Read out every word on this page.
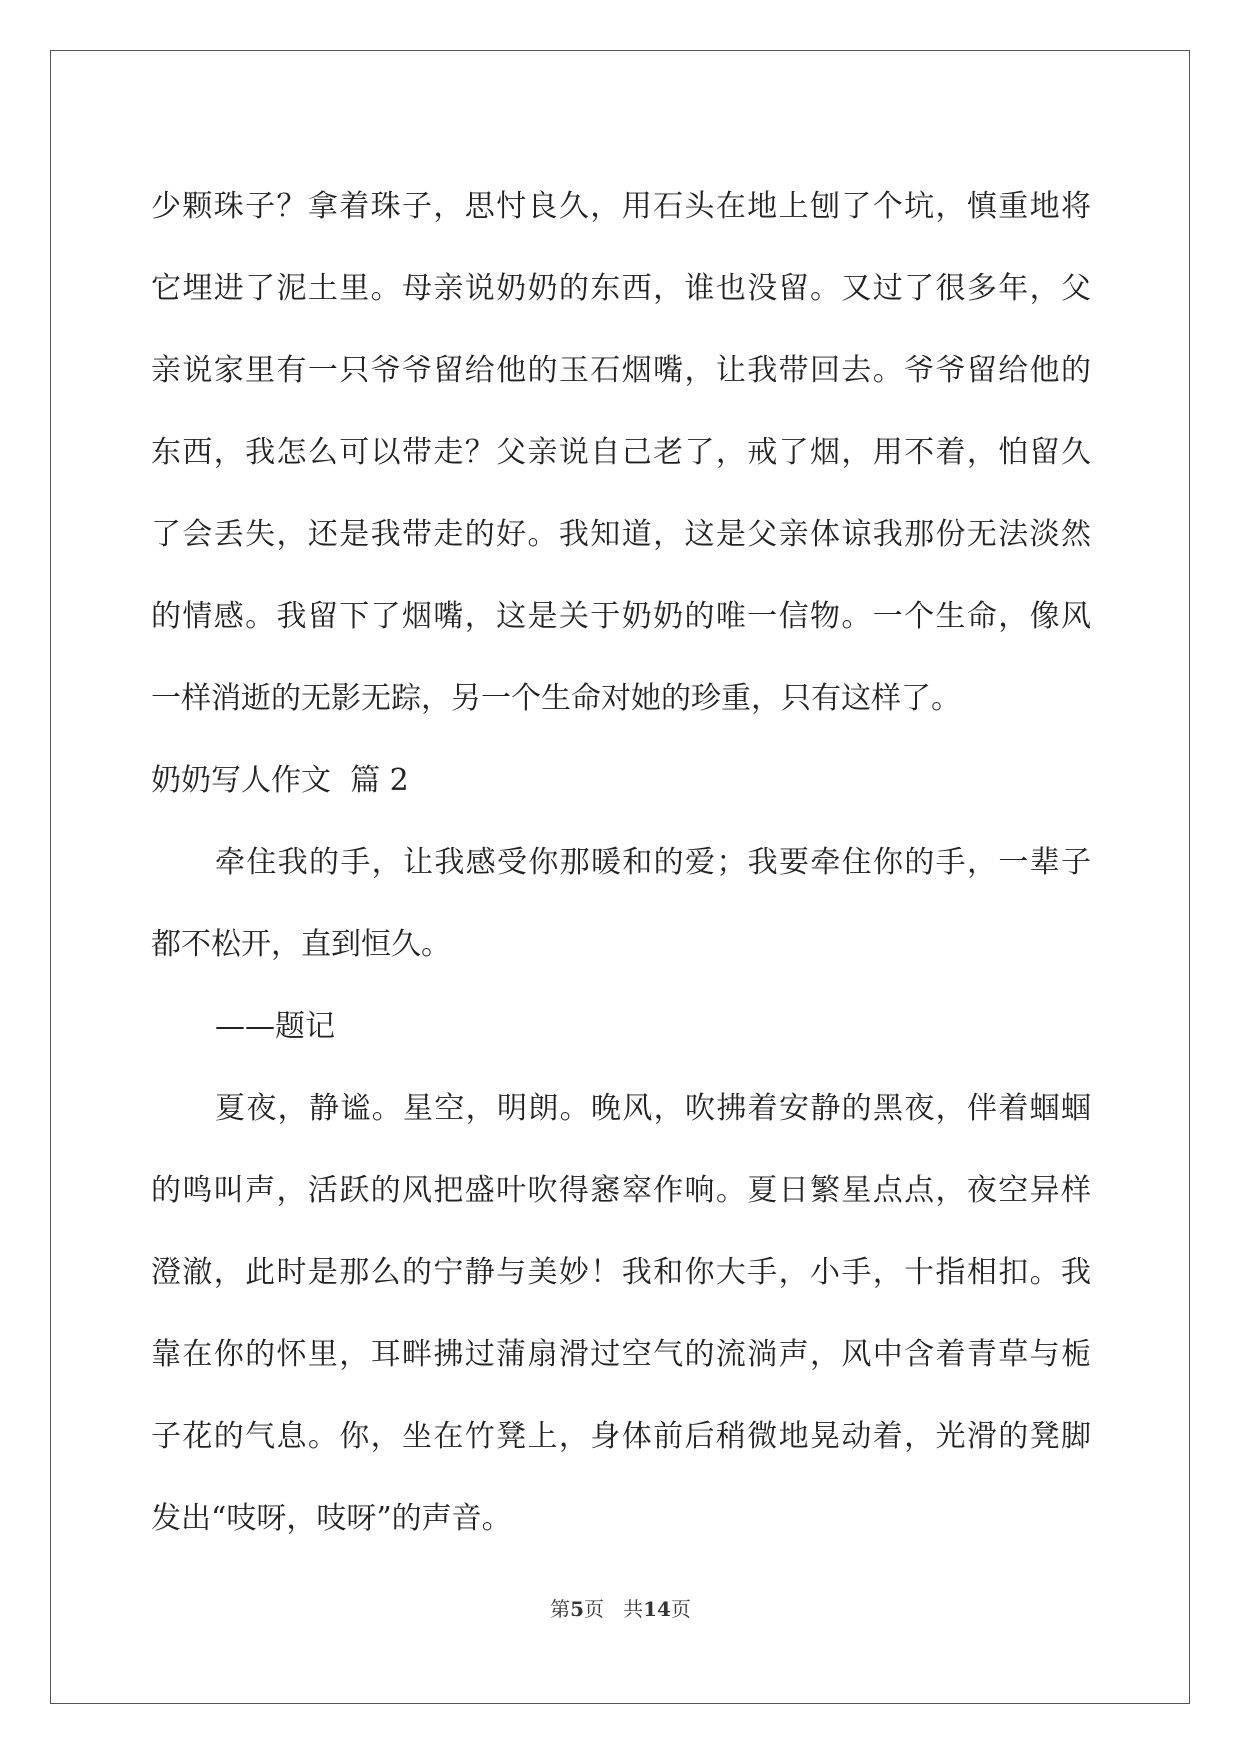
少颗珠子？拿着珠子，思忖良久，用石头在地上刨了个坑，慎重地将
它埋进了泥土里。母亲说奶奶的东西，谁也没留。又过了很多年，父
亲说家里有一只爷爷留给他的玉石烟嘴，让我带回去。爷爷留给他的
东西，我怎么可以带走？父亲说自己老了，戒了烟，用不着，怕留久
了会丢失，还是我带走的好。我知道，这是父亲体谅我那份无法淡然
的情感。我留下了烟嘴，这是关于奶奶的唯一信物。一个生命，像风
一样消逝的无影无踪，另一个生命对她的珍重，只有这样了。
奶奶写人作文  篇 2
牵住我的手，让我感受你那暖和的爱；我要牵住你的手，一辈子
都不松开，直到恒久。
——题记
夏夜，静谧。星空，明朗。晚风，吹拂着安静的黑夜，伴着蝈蝈
的鸣叫声，活跃的风把盛叶吹得窸窣作响。夏日繁星点点，夜空异样
澄澈，此时是那么的宁静与美妙！我和你大手，小手，十指相扣。我
靠在你的怀里，耳畔拂过蒲扇滑过空气的流淌声，风中含着青草与栀
子花的气息。你，坐在竹凳上，身体前后稍微地晃动着，光滑的凳脚
发出“吱呀，吱呀”的声音。
第5页 共14页
